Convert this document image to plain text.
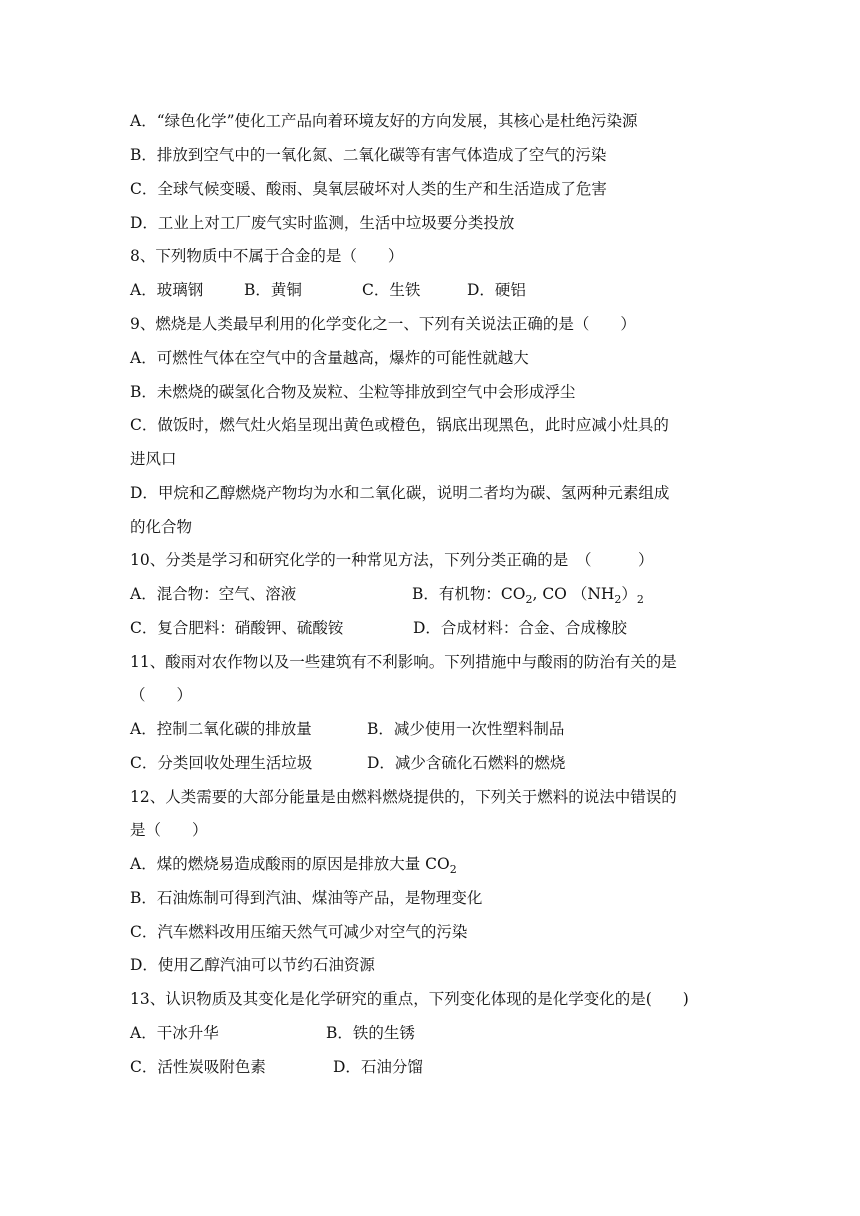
A．“绿色化学”使化工产品向着环境友好的方向发展，其核心是杜绝污染源
B．排放到空气中的一氧化氮、二氧化碳等有害气体造成了空气的污染
C．全球气候变暖、酸雨、臭氧层破坏对人类的生产和生活造成了危害
D．工业上对工厂废气实时监测，生活中垃圾要分类投放
8、下列物质中不属于合金的是（　　）
A．玻璃钢	B．黄铜	C．生铁	D．硬铝
9、燃烧是人类最早利用的化学变化之一、下列有关说法正确的是（　　）
A．可燃性气体在空气中的含量越高，爆炸的可能性就越大
B．未燃烧的碳氢化合物及炭粒、尘粒等排放到空气中会形成浮尘
C．做饭时，燃气灶火焰呈现出黄色或橙色，锅底出现黑色，此时应减小灶具的
进风口
D．甲烷和乙醇燃烧产物均为水和二氧化碳，说明二者均为碳、氢两种元素组成
的化合物
10、分类是学习和研究化学的一种常见方法，下列分类正确的是　（　　　）
A．混合物：空气、溶液	B．有机物：$CO_2$, CO $(NH_2)_2$
C．复合肥料：硝酸钾、硫酸铵	D．合成材料：合金、合成橡胶
11、酸雨对农作物以及一些建筑有不利影响。下列措施中与酸雨的防治有关的是
（　　）
A．控制二氧化碳的排放量	B．减少使用一次性塑料制品
C．分类回收处理生活垃圾	D．减少含硫化石燃料的燃烧
12、人类需要的大部分能量是由燃料燃烧提供的，下列关于燃料的说法中错误的
是（　　）
A．煤的燃烧易造成酸雨的原因是排放大量 $CO_2$
B．石油炼制可得到汽油、煤油等产品，是物理变化
C．汽车燃料改用压缩天然气可减少对空气的污染
D．使用乙醇汽油可以节约石油资源
13、认识物质及其变化是化学研究的重点，下列变化体现的是化学变化的是(　　)
A．干冰升华	B．铁的生锈
C．活性炭吸附色素	D．石油分馏
